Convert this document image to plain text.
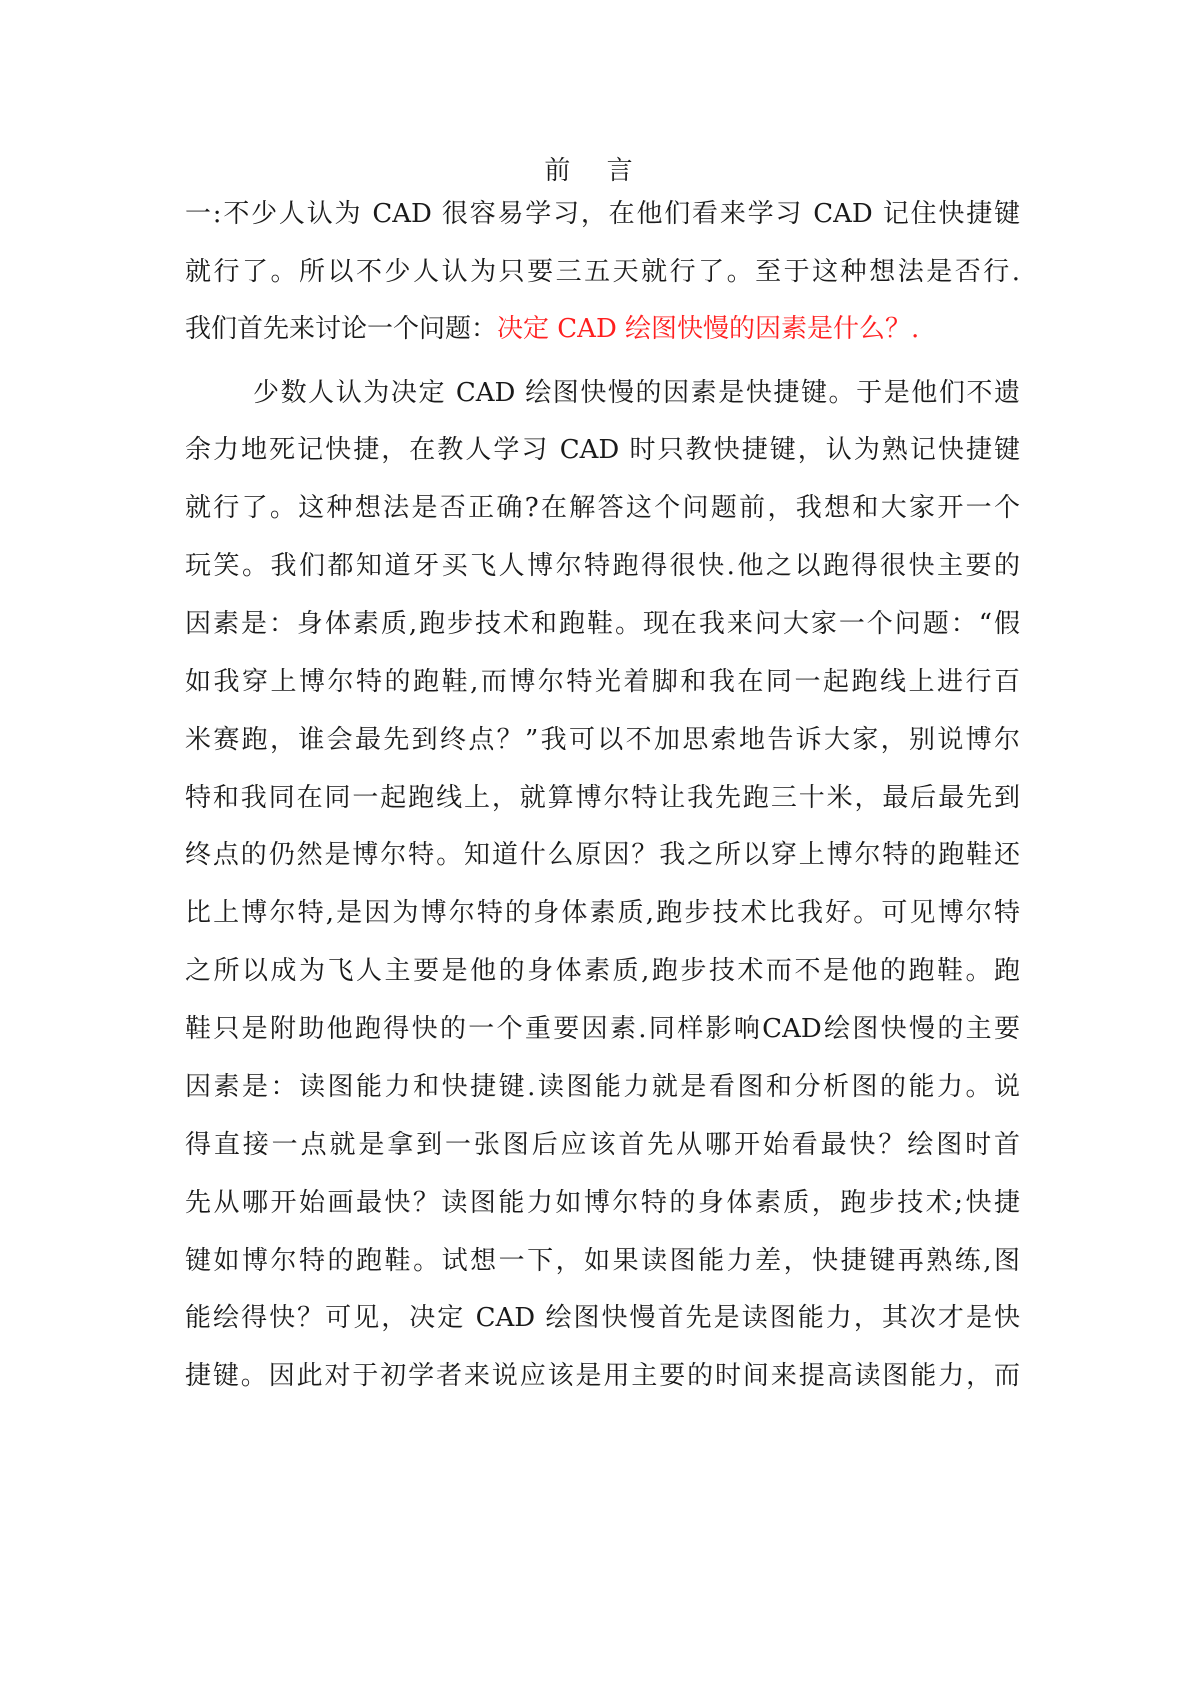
前 言
一:不少人认为 CAD 很容易学习，在他们看来学习 CAD 记住快捷键
就行了。所以不少人认为只要三五天就行了。至于这种想法是否行.
我们首先来讨论一个问题：决定 CAD 绘图快慢的因素是什么？.
少数人认为决定 CAD 绘图快慢的因素是快捷键。于是他们不遗
余力地死记快捷，在教人学习 CAD 时只教快捷键，认为熟记快捷键
就行了。这种想法是否正确?在解答这个问题前，我想和大家开一个
玩笑。我们都知道牙买飞人博尔特跑得很快.他之以跑得很快主要的
因素是：身体素质,跑步技术和跑鞋。现在我来问大家一个问题：“假
如我穿上博尔特的跑鞋,而博尔特光着脚和我在同一起跑线上进行百
米赛跑，谁会最先到终点？”我可以不加思索地告诉大家，别说博尔
特和我同在同一起跑线上，就算博尔特让我先跑三十米，最后最先到
终点的仍然是博尔特。知道什么原因？我之所以穿上博尔特的跑鞋还
比上博尔特,是因为博尔特的身体素质,跑步技术比我好。可见博尔特
之所以成为飞人主要是他的身体素质,跑步技术而不是他的跑鞋。跑
鞋只是附助他跑得快的一个重要因素.同样影响CAD绘图快慢的主要
因素是：读图能力和快捷键.读图能力就是看图和分析图的能力。说
得直接一点就是拿到一张图后应该首先从哪开始看最快？绘图时首
先从哪开始画最快？读图能力如博尔特的身体素质，跑步技术;快捷
键如博尔特的跑鞋。试想一下，如果读图能力差，快捷键再熟练,图
能绘得快？可见，决定 CAD 绘图快慢首先是读图能力，其次才是快
捷键。因此对于初学者来说应该是用主要的时间来提高读图能力，而
